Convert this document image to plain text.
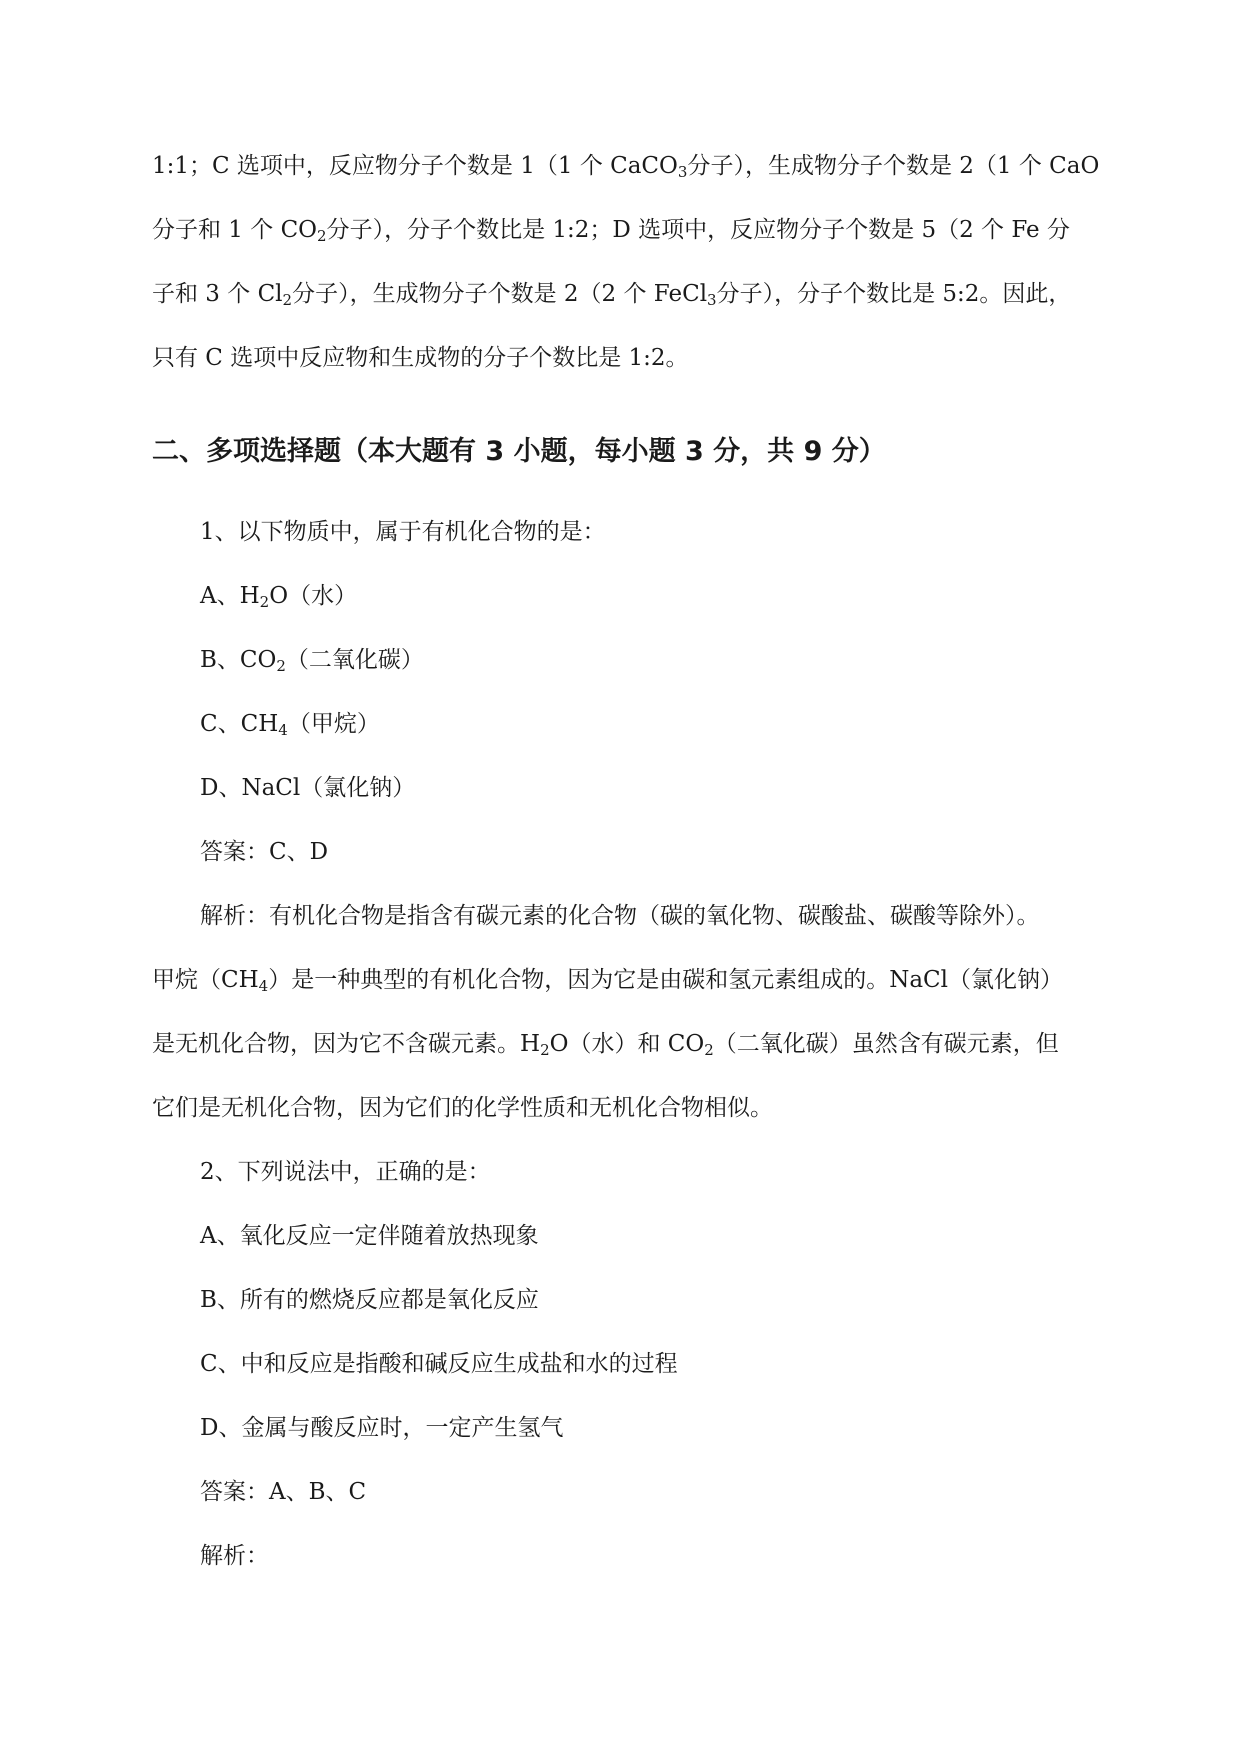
1:1；C 选项中，反应物分子个数是 1（1 个 CaCO$_3$分子），生成物分子个数是 2（1 个 CaO
分子和 1 个 $CO_2$分子），分子个数比是 1:2；D 选项中，反应物分子个数是 5（2 个 Fe 分
子和 3 个 $Cl_2$分子），生成物分子个数是 2（2 个 FeCl$_3$分子），分子个数比是 5:2。因此，
只有 C 选项中反应物和生成物的分子个数比是 1:2。
二、多项选择题（本大题有 3 小题，每小题 3 分，共 9 分）
1、以下物质中，属于有机化合物的是：
A、$H_2O$（水）
B、$CO_2$（二氧化碳）
C、$CH_4$（甲烷）
D、NaCl（氯化钠）
答案：C、D
解析：有机化合物是指含有碳元素的化合物（碳的氧化物、碳酸盐、碳酸等除外）。
甲烷$(CH_4)$是一种典型的有机化合物，因为它是由碳和氢元素组成的。NaCl（氯化钠）
是无机化合物，因为它不含碳元素。$H_2O$（水）和 $CO_2$（二氧化碳）虽然含有碳元素，但
它们是无机化合物，因为它们的化学性质和无机化合物相似。
2、下列说法中，正确的是：
A、氧化反应一定伴随着放热现象
B、所有的燃烧反应都是氧化反应
C、中和反应是指酸和碱反应生成盐和水的过程
D、金属与酸反应时，一定产生氢气
答案：A、B、C
解析：
